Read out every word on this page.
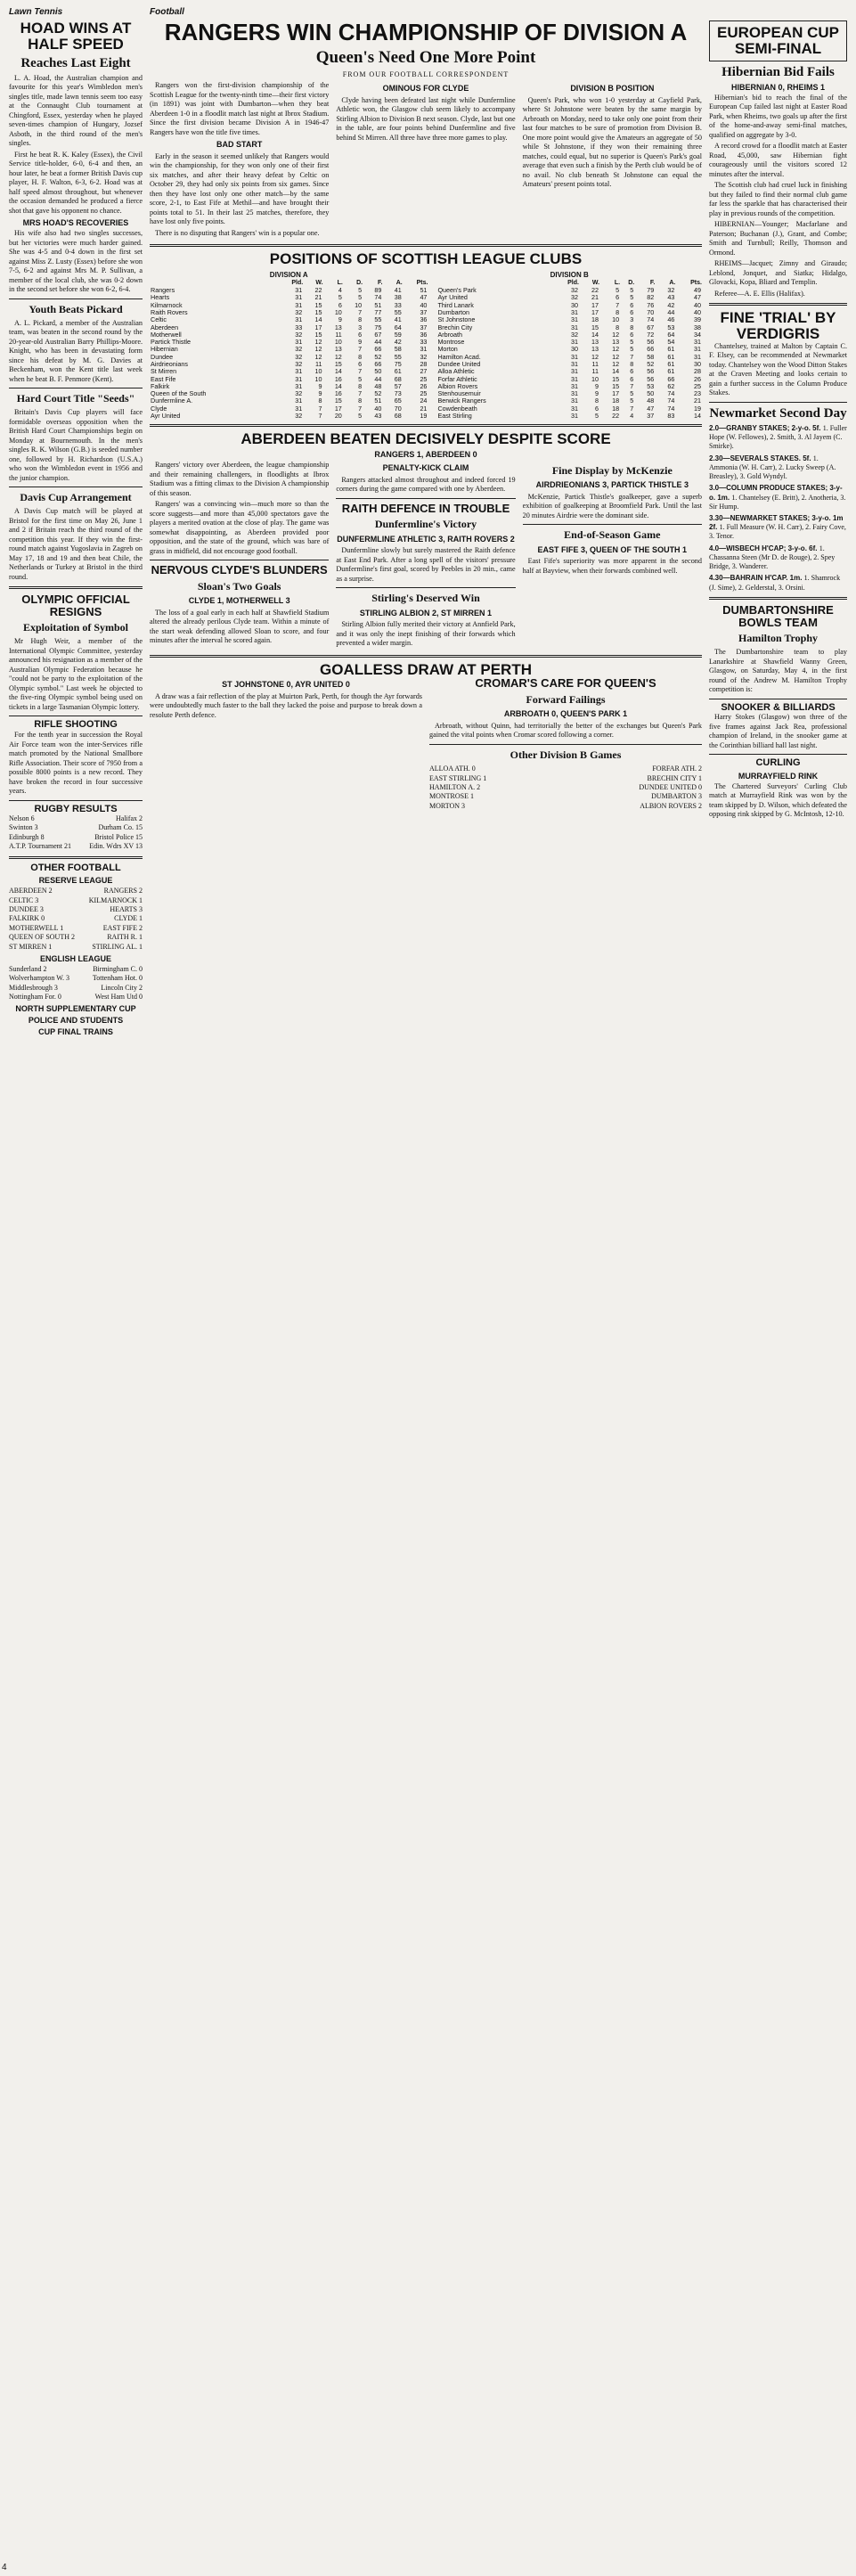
Lawn Tennis
HOAD WINS AT HALF SPEED
Reaches Last Eight

L. A. Hoad, the Australian champion and favourite for this year's Wimbledon men's singles title, made lawn tennis seem too easy at the Connaught Club tournament at Chingford, Essex, yesterday when he played seven-times champion of Hungary, Jozsef Asboth, in the third round of the men's singles.

First he beat R. K. Kaley (Essex), the Civil Service title-holder, 6-0, 6-4 and then, an hour later, he beat a former British Davis cup player, H. F. Walton, 6-3, 6-2. Hoad was at half speed almost throughout, but whenever the occasion demanded he produced a fierce shot that gave his opponent no chance.

MRS HOAD'S RECOVERIES

His wife also had two singles successes, but her victories were much harder gained. She was 4-5 and 0-4 down in the first set against Miss Z. Lusty (Essex) before she won 7-5, 6-2 and against Mrs M. P. Sullivan, a member of the local club, she was 0-2 down in the second set before she won 6-2, 6-4.

Youth Beats Pickard

A. L. Pickard, a member of the Australian team, was beaten in the second round by the 20-year-old Australian Barry Phillips-Moore. Knight, who has been in devastating form since his defeat by M. G. Davies at Beckenham, won the Kent title last week when he beat B. F. Penmore (Kent).

Hard Court Title "Seeds"

Britain's Davis Cup players will face formidable overseas opposition when the British Hard Court Championships begin on Monday at Bournemouth. In the men's singles R. K. Wilson (G.B.) is seeded number one, followed by H. Richardson (U.S.A.) who won the Wimbledon event in 1956 and the junior champion.

Davis Cup Arrangement

A Davis Cup match will be played at Bristol for the first time on May 26, June 1 and 2 if Britain reach the third round of the competition this year. If they win the first-round match against Yugoslavia in Zagreb on May 17, 18 and 19 and then beat Chile, the Netherlands or Turkey at Bristol in the third round.

OLYMPIC OFFICIAL RESIGNS
Exploitation of Symbol

Mr Hugh Weir, a member of the International Olympic Committee, yesterday announced his resignation as a member of the Australian Olympic Federation because he "could not be party to the exploitation of the Olympic symbol." Last week he objected to the five-ring Olympic symbol being used on tickets in a large Tasmanian Olympic lottery.

RIFLE SHOOTING

For the tenth year in succession the Royal Air Force team won the inter-Services rifle match promoted by the National Smallbore Rifle Association. Their score of 7950 from a possible 8000 points is a new record. They have broken the record in four successive years.

RUGBY RESULTS
Nelson 6	Halifax 2
Swinton 3	Durham Co. 15
Edinburgh 8	Bristol Police 15
A.T.P. Tournament 21	Edin. Wdrs XV 13
OTHER FOOTBALL
RESERVE LEAGUE
ABERDEEN 2	RANGERS 2
CELTIC 3	KILMARNOCK 1
DUNDEE 3	HEARTS 3
FALKIRK 0	CLYDE 1
MOTHERWELL 1	EAST FIFE 2
QUEEN OF SOUTH 2	RAITH R. 1
ST MIRREN 1	STIRLING AL. 1
ENGLISH LEAGUE
Sunderland 2	Birmingham C. 0
Wolverhampton W. 3	Tottenham Hot. 0
Middlesbrough 3	Lincoln City 2
Nottingham For. 0	West Ham Utd 0
NORTH SUPPLEMENTARY CUP
POLICE AND STUDENTS
CUP FINAL TRAINS
Football
RANGERS WIN CHAMPIONSHIP OF DIVISION A
Queen's Need One More Point
FROM OUR FOOTBALL CORRESPONDENT

Rangers won the first-division championship of the Scottish League for the twenty-ninth time—their first victory (in 1891) was joint with Dumbarton—when they beat Aberdeen 1-0 in a floodlit match last night at Ibrox Stadium. Since the first division became Division A in 1946-47 Rangers have won the title five times.

BAD START

Early in the season it seemed unlikely that Rangers would win the championship, for they won only one of their first six matches, and after their heavy defeat by Celtic on October 29, they had only six points from six games. Since then they have lost only one other match—by the same score, 2-1, to East Fife at Methil—and have brought their points total to 51. In their last 25 matches, therefore, they have lost only five points.

There is no disputing that Rangers' win is a popular one.

OMINOUS FOR CLYDE

Clyde having been defeated last night while Dunfermline Athletic won, the Glasgow club seem likely to accompany Stirling Albion to Division B next season. Clyde, last but one in the table, are four points behind Dunfermline and five behind St Mirren. All three have three more games to play.

DIVISION B POSITION

Queen's Park, who won 1-0 yesterday at Cayfield Park, where St Johnstone were beaten by the same margin by Arbroath on Monday, need to take only one point from their last four matches to be sure of promotion from Division B. One more point would give the Amateurs an aggregate of 50 while St Johnstone, if they won their remaining three matches, could equal, but no superior is Queen's Park's goal average that even such a finish by the Perth club would be of no avail. No club beneath St Johnstone can equal the Amateurs' present points total.

POSITIONS OF SCOTTISH LEAGUE CLUBS
DIVISION A
	Pld.	W.	L.	D.	F.	A.	Pts.
Rangers	31	22	4	5	89	41	51
Hearts	31	21	5	5	74	38	47
Kilmarnock	31	15	6	10	51	33	40
Raith Rovers	32	15	10	7	77	55	37
Celtic	31	14	9	8	55	41	36
Aberdeen	33	17	13	3	75	64	37
Motherwell	32	15	11	6	67	59	36
Partick Thistle	31	12	10	9	44	42	33
Hibernian	32	12	13	7	66	58	31
Dundee	32	12	12	8	52	55	32
Airdrieonians	32	11	15	6	66	75	28
St Mirren	31	10	14	7	50	61	27
East Fife	31	10	16	5	44	68	25
Falkirk	31	9	14	8	48	57	26
Queen of the South	32	9	16	7	52	73	25
Dunfermline A.	31	8	15	8	51	65	24
Clyde	31	7	17	7	40	70	21
Ayr United	32	7	20	5	43	68	19
DIVISION B
	Pld.	W.	L.	D.	F.	A.	Pts.
Queen's Park	32	22	5	5	79	32	49
Ayr United	32	21	6	5	82	43	47
Third Lanark	30	17	7	6	76	42	40
Dumbarton	31	17	8	6	70	44	40
St Johnstone	31	18	10	3	74	46	39
Brechin City	31	15	8	8	67	53	38
Arbroath	32	14	12	6	72	64	34
Montrose	31	13	13	5	56	54	31
Morton	30	13	12	5	66	61	31
Hamilton Acad.	31	12	12	7	58	61	31
Dundee United	31	11	12	8	52	61	30
Alloa Athletic	31	11	14	6	56	61	28
Forfar Athletic	31	10	15	6	56	66	26
Albion Rovers	31	9	15	7	53	62	25
Stenhousemuir	31	9	17	5	50	74	23
Berwick Rangers	31	8	18	5	48	74	21
Cowdenbeath	31	6	18	7	47	74	19
East Stirling	31	5	22	4	37	83	14
ABERDEEN BEATEN DECISIVELY DESPITE SCORE
RANGERS 1, ABERDEEN 0

Rangers' victory over Aberdeen, the league championship and their remaining challengers, in floodlights at Ibrox Stadium was a fitting climax to the Division A championship of this season.

Rangers' was a convincing win—much more so than the score suggests—and more than 45,000 spectators gave the players a merited ovation at the close of play. The game was somewhat disappointing, as Aberdeen provided poor opposition, and the state of the ground, which was bare of grass in midfield, did not encourage good football.

NERVOUS CLYDE'S BLUNDERS
Sloan's Two Goals
CLYDE 1, MOTHERWELL 3

The loss of a goal early in each half at Shawfield Stadium altered the already perilous Clyde team. Within a minute of the start weak defending allowed Sloan to score, and four minutes after the interval he scored again.

PENALTY-KICK CLAIM

Rangers attacked almost throughout and indeed forced 19 corners during the game compared with one by Aberdeen.

RAITH DEFENCE IN TROUBLE
Dunfermline's Victory
DUNFERMLINE ATHLETIC 3, RAITH ROVERS 2

Dunfermline slowly but surely mastered the Raith defence at East End Park. After a long spell of the visitors' pressure Dunfermline's first goal, scored by Peebles in 20 min., came as a surprise.

Stirling's Deserved Win
STIRLING ALBION 2, ST MIRREN 1

Stirling Albion fully merited their victory at Annfield Park, and it was only the inept finishing of their forwards which prevented a wider margin.

Fine Display by McKenzie
AIRDRIEONIANS 3, PARTICK THISTLE 3

McKenzie, Partick Thistle's goalkeeper, gave a superb exhibition of goalkeeping at Broomfield Park. Until the last 20 minutes Airdrie were the dominant side.

End-of-Season Game
EAST FIFE 3, QUEEN OF THE SOUTH 1

East Fife's superiority was more apparent in the second half at Bayview, when their forwards combined well.

GOALLESS DRAW AT PERTH
ST JOHNSTONE 0, AYR UNITED 0

A draw was a fair reflection of the play at Muirton Park, Perth, for though the Ayr forwards were undoubtedly much faster to the ball they lacked the poise and purpose to break down a resolute Perth defence.

CROMAR'S CARE FOR QUEEN'S
Forward Failings
ARBROATH 0, QUEEN'S PARK 1

Arbroath, without Quinn, had territorially the better of the exchanges but Queen's Park gained the vital points when Cromar scored following a corner.

Other Division B Games
ALLOA ATH. 0	FORFAR ATH. 2
EAST STIRLING 1	BRECHIN CITY 1
HAMILTON A. 2	DUNDEE UNITED 0
MONTROSE 1	DUMBARTON 3
MORTON 3	ALBION ROVERS 2
EUROPEAN CUP SEMI-FINAL
Hibernian Bid Fails
HIBERNIAN 0, RHEIMS 1

Hibernian's bid to reach the final of the European Cup failed last night at Easter Road Park, when Rheims, two goals up after the first of the home-and-away semi-final matches, qualified on aggregate by 3-0.

A record crowd for a floodlit match at Easter Road, 45,000, saw Hibernian fight courageously until the visitors scored 12 minutes after the interval.

The Scottish club had cruel luck in finishing but they failed to find their normal club game far less the sparkle that has characterised their play in previous rounds of the competition.

HIBERNIAN—Younger; Macfarlane and Paterson; Buchanan (J.), Grant, and Combe; Smith and Turnbull; Reilly, Thomson and Ormond.

RHEIMS—Jacquet; Zimny and Giraudo; Leblond, Jonquet, and Siatka; Hidalgo, Glovacki, Kopa, Bliard and Templin.

Referee—A. E. Ellis (Halifax).

FINE 'TRIAL' BY VERDIGRIS

Chantelsey, trained at Malton by Captain C. F. Elsey, can be recommended at Newmarket today. Chantelsey won the Wood Ditton Stakes at the Craven Meeting and looks certain to gain a further success in the Column Produce Stakes.

Newmarket Second Day
2.0—GRANBY STAKES; 2-y-o. 5f. 1. Fuller Hope (W. Fellowes), 2. Smith, 3. Al Jayem (C. Smirke).
2.30—SEVERALS STAKES. 5f. 1. Ammonia (W. H. Carr), 2. Lucky Sweep (A. Breasley), 3. Gold Wyndyl.
3.0—COLUMN PRODUCE STAKES; 3-y-o. 1m. 1. Chantelsey (E. Britt), 2. Anotheria, 3. Sir Hump.
3.30—NEWMARKET STAKES; 3-y-o. 1m 2f. 1. Full Measure (W. H. Carr), 2. Fairy Cove, 3. Tenor.
4.0—WISBECH H'CAP; 3-y-o. 6f. 1. Chassanna Steen (Mr D. de Rouge), 2. Spey Bridge, 3. Wanderer.
4.30—BAHRAIN H'CAP. 1m. 1. Shamrock (J. Sime), 2. Gelderstal, 3. Orsini.
DUMBARTONSHIRE BOWLS TEAM
Hamilton Trophy

The Dumbartonshire team to play Lanarkshire at Shawfield Wanny Green, Glasgow, on Saturday, May 4, in the first round of the Andrew M. Hamilton Trophy competition is:

SNOOKER & BILLIARDS

Harry Stokes (Glasgow) won three of the five frames against Jack Rea, professional champion of Ireland, in the snooker game at the Corinthian billiard hall last night.

CURLING
MURRAYFIELD RINK

The Chartered Surveyors' Curling Club match at Murrayfield Rink was won by the team skipped by D. Wilson, which defeated the opposing rink skipped by G. McIntosh, 12-10.

4
